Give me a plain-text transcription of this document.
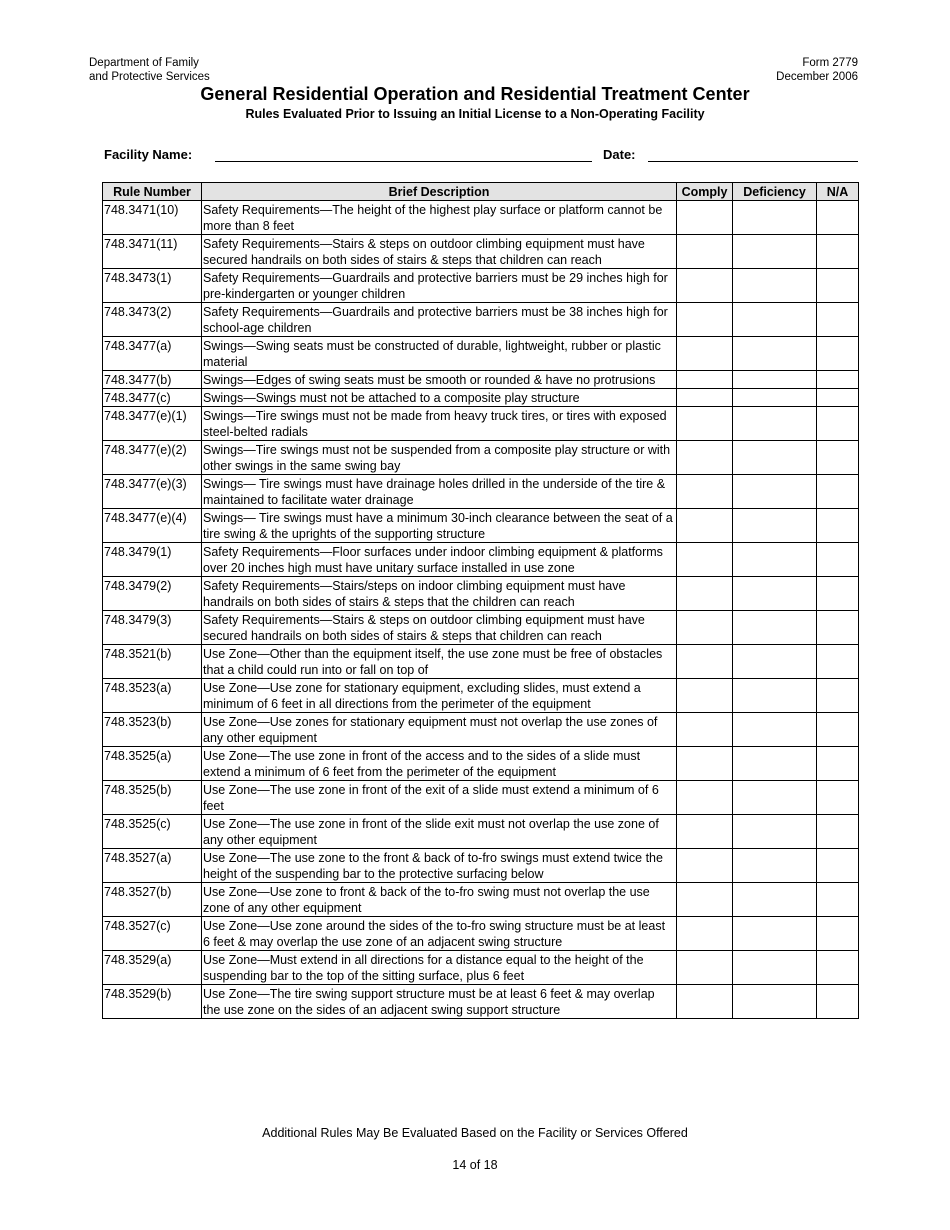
Department of Family
and Protective Services
Form 2779
December 2006
General Residential Operation and Residential Treatment Center
Rules Evaluated Prior to Issuing an Initial License to a Non-Operating Facility
Facility Name:	Date:
Rule Number	Brief Description	Comply	Deficiency	N/A
748.3471(10)	Safety Requirements—The height of the highest play surface or platform cannot be more than 8 feet			
748.3471(11)	Safety Requirements—Stairs & steps on outdoor climbing equipment must have secured handrails on both sides of stairs & steps that children can reach			
748.3473(1)	Safety Requirements—Guardrails and protective barriers must be 29 inches high for pre-kindergarten or younger children			
748.3473(2)	Safety Requirements—Guardrails and protective barriers must be 38 inches high for school-age children			
748.3477(a)	Swings—Swing seats must be constructed of durable, lightweight, rubber or plastic material			
748.3477(b)	Swings—Edges of swing seats must be smooth or rounded & have no protrusions			
748.3477(c)	Swings—Swings must not be attached to a composite play structure			
748.3477(e)(1)	Swings—Tire swings must not be made from heavy truck tires, or tires with exposed steel-belted radials			
748.3477(e)(2)	Swings—Tire swings must not be suspended from a composite play structure or with other swings in the same swing bay			
748.3477(e)(3)	Swings— Tire swings must have drainage holes drilled in the underside of the tire & maintained to facilitate water drainage			
748.3477(e)(4)	Swings— Tire swings must have a minimum 30-inch clearance between the seat of a tire swing & the uprights of the supporting structure			
748.3479(1)	Safety Requirements—Floor surfaces under indoor climbing equipment & platforms over 20 inches high must have unitary surface installed in use zone			
748.3479(2)	Safety Requirements—Stairs/steps on indoor climbing equipment must have handrails on both sides of stairs & steps that the children can reach			
748.3479(3)	Safety Requirements—Stairs & steps on outdoor climbing equipment must have secured handrails on both sides of stairs & steps that children can reach			
748.3521(b)	Use Zone—Other than the equipment itself, the use zone must be free of obstacles that a child could run into or fall on top of			
748.3523(a)	Use Zone—Use zone for stationary equipment, excluding slides, must extend a minimum of 6 feet in all directions from the perimeter of the equipment			
748.3523(b)	Use Zone—Use zones for stationary equipment must not overlap the use zones of any other equipment			
748.3525(a)	Use Zone—The use zone in front of the access and to the sides of a slide must extend a minimum of 6 feet from the perimeter of the equipment			
748.3525(b)	Use Zone—The use zone in front of the exit of a slide must extend a minimum of 6 feet			
748.3525(c)	Use Zone—The use zone in front of the slide exit must not overlap the use zone of any other equipment			
748.3527(a)	Use Zone—The use zone to the front & back of to-fro swings must extend twice the height of the suspending bar to the protective surfacing below			
748.3527(b)	Use Zone—Use zone to front & back of the to-fro swing must not overlap the use zone of any other equipment			
748.3527(c)	Use Zone—Use zone around the sides of the to-fro swing structure must be at least 6 feet & may overlap the use zone of an adjacent swing structure			
748.3529(a)	Use Zone—Must extend in all directions for a distance equal to the height of the suspending bar to the top of the sitting surface, plus 6 feet			
748.3529(b)	Use Zone—The tire swing support structure must be at least 6 feet & may overlap the use zone on the sides of an adjacent swing support structure			
Additional Rules May Be Evaluated Based on the Facility or Services Offered
14 of 18
